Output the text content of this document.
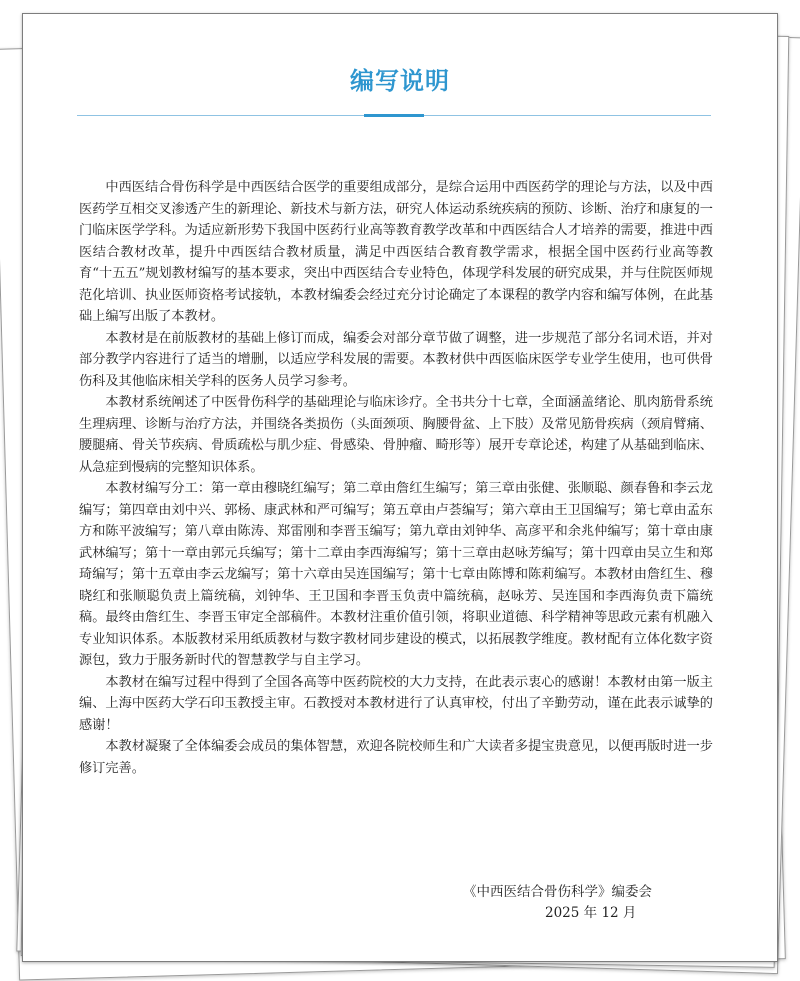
编写说明

中西医结合骨伤科学是中西医结合医学的重要组成部分，是综合运用中西医药学的理论与方法，以及中西医药学互相交叉渗透产生的新理论、新技术与新方法，研究人体运动系统疾病的预防、诊断、治疗和康复的一门临床医学学科。为适应新形势下我国中医药行业高等教育教学改革和中西医结合人才培养的需要，推进中西医结合教材改革，提升中西医结合教材质量，满足中西医结合教育教学需求，根据全国中医药行业高等教育“十五五”规划教材编写的基本要求，突出中西医结合专业特色，体现学科发展的研究成果，并与住院医师规范化培训、执业医师资格考试接轨，本教材编委会经过充分讨论确定了本课程的教学内容和编写体例，在此基础上编写出版了本教材。

本教材是在前版教材的基础上修订而成，编委会对部分章节做了调整，进一步规范了部分名词术语，并对部分教学内容进行了适当的增删，以适应学科发展的需要。本教材供中西医临床医学专业学生使用，也可供骨伤科及其他临床相关学科的医务人员学习参考。

本教材系统阐述了中医骨伤科学的基础理论与临床诊疗。全书共分十七章，全面涵盖绪论、肌肉筋骨系统生理病理、诊断与治疗方法，并围绕各类损伤（头面颈项、胸腰骨盆、上下肢）及常见筋骨疾病（颈肩臂痛、腰腿痛、骨关节疾病、骨质疏松与肌少症、骨感染、骨肿瘤、畸形等）展开专章论述，构建了从基础到临床、从急症到慢病的完整知识体系。

本教材编写分工：第一章由穆晓红编写；第二章由詹红生编写；第三章由张健、张顺聪、颜春鲁和李云龙编写；第四章由刘中兴、郭杨、康武林和严可编写；第五章由卢荟编写；第六章由王卫国编写；第七章由孟东方和陈平波编写；第八章由陈涛、郑雷刚和李晋玉编写；第九章由刘钟华、高彦平和余兆仲编写；第十章由康武林编写；第十一章由郭元兵编写；第十二章由李西海编写；第十三章由赵咏芳编写；第十四章由吴立生和郑琦编写；第十五章由李云龙编写；第十六章由吴连国编写；第十七章由陈博和陈莉编写。本教材由詹红生、穆晓红和张顺聪负责上篇统稿，刘钟华、王卫国和李晋玉负责中篇统稿，赵咏芳、吴连国和李西海负责下篇统稿。最终由詹红生、李晋玉审定全部稿件。本教材注重价值引领，将职业道德、科学精神等思政元素有机融入专业知识体系。本版教材采用纸质教材与数字教材同步建设的模式，以拓展教学维度。教材配有立体化数字资源包，致力于服务新时代的智慧教学与自主学习。

本教材在编写过程中得到了全国各高等中医药院校的大力支持，在此表示衷心的感谢！本教材由第一版主编、上海中医药大学石印玉教授主审。石教授对本教材进行了认真审校，付出了辛勤劳动，谨在此表示诚挚的感谢！

本教材凝聚了全体编委会成员的集体智慧，欢迎各院校师生和广大读者多提宝贵意见，以便再版时进一步修订完善。

《中西医结合骨伤科学》编委会
2025 年 12 月
